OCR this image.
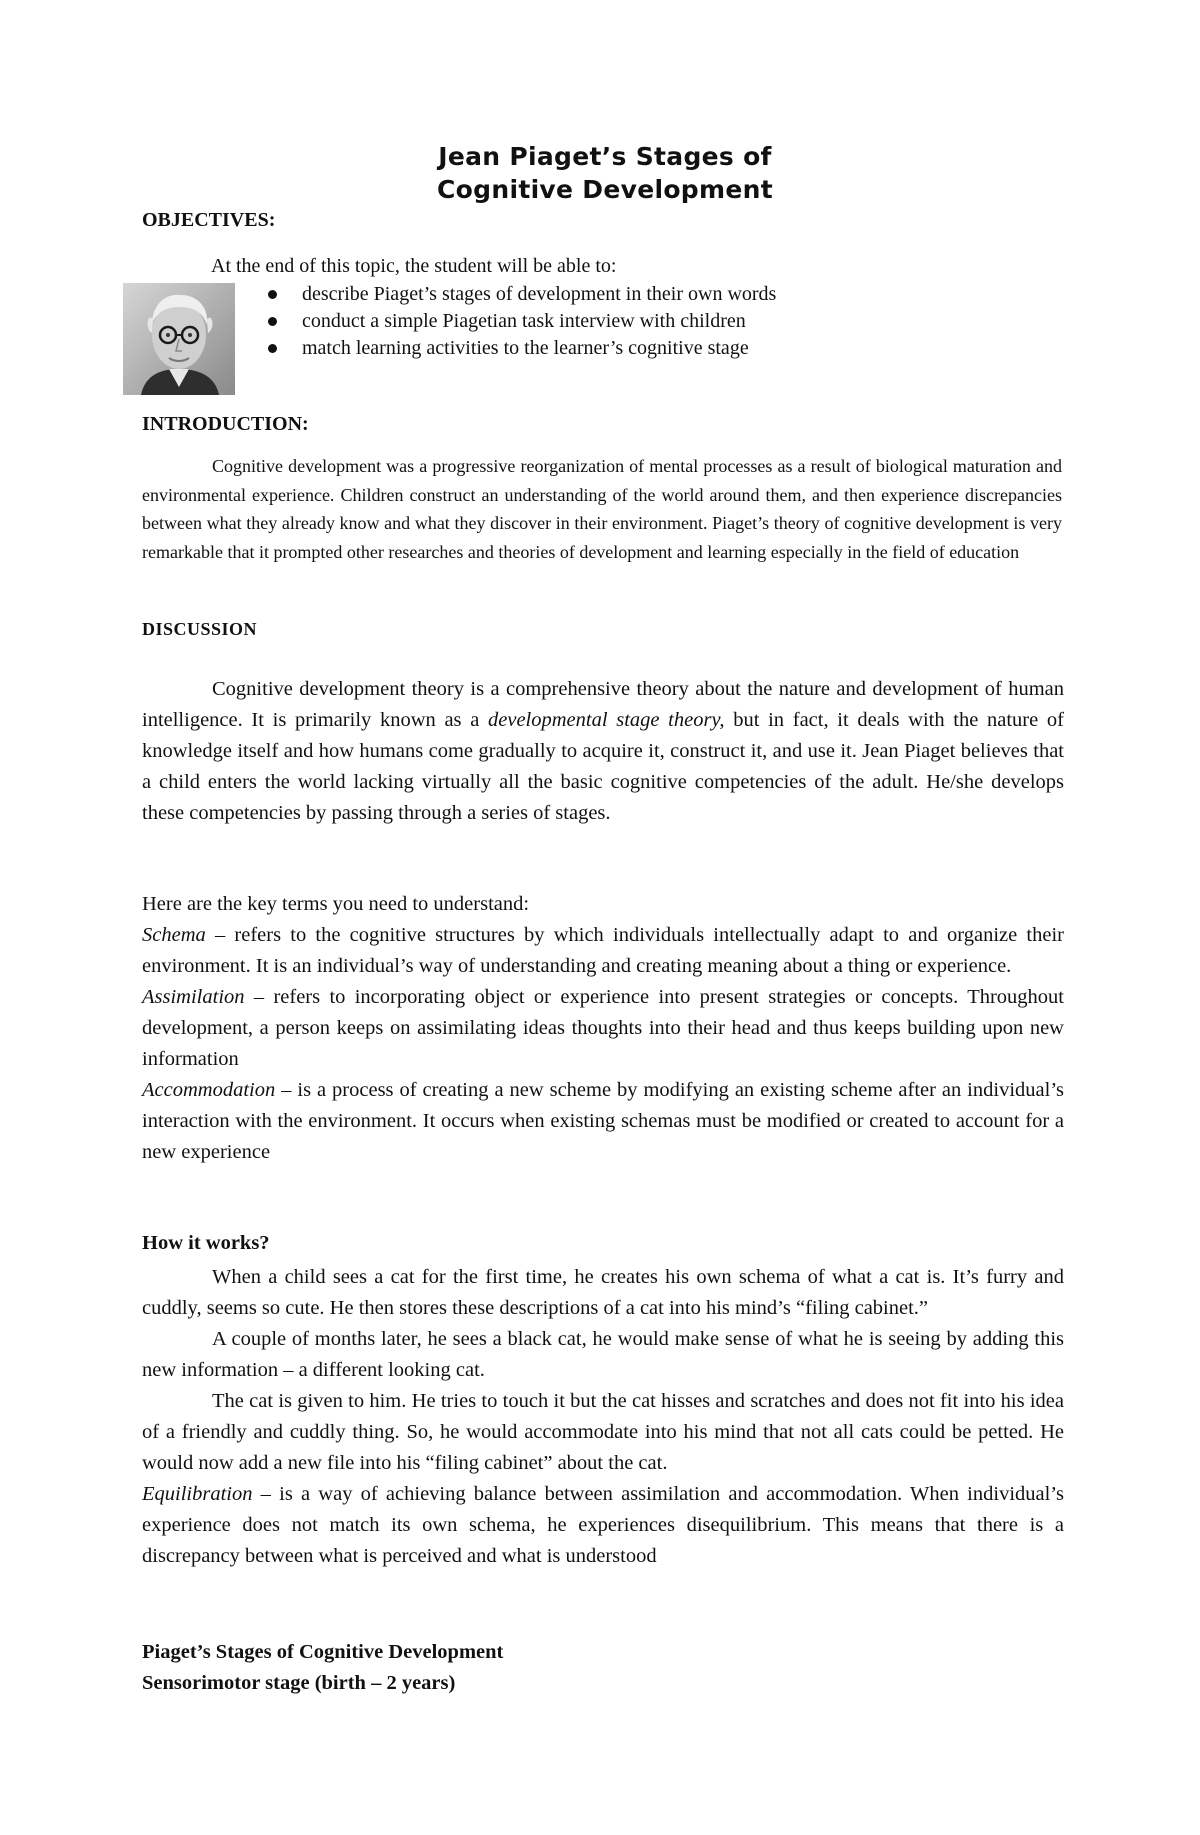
Jean Piaget’s Stages of
Cognitive Development
OBJECTIVES:
At the end of this topic, the student will be able to:
describe Piaget’s stages of development in their own words
conduct a simple Piagetian task interview with children
match learning activities to the learner’s cognitive stage
INTRODUCTION:

Cognitive development was a progressive reorganization of mental processes as a result of biological maturation and environmental experience. Children construct an understanding of the world around them, and then experience discrepancies between what they already know and what they discover in their environment. Piaget’s theory of cognitive development is very remarkable that it prompted other researches and theories of development and learning especially in the field of education

DISCUSSION

Cognitive development theory is a comprehensive theory about the nature and development of human intelligence. It is primarily known as a developmental stage theory, but in fact, it deals with the nature of knowledge itself and how humans come gradually to acquire it, construct it, and use it. Jean Piaget believes that a child enters the world lacking virtually all the basic cognitive competencies of the adult. He/she develops these competencies by passing through a series of stages.

Here are the key terms you need to understand:

Schema – refers to the cognitive structures by which individuals intellectually adapt to and organize their environment. It is an individual’s way of understanding and creating meaning about a thing or experience.

Assimilation – refers to incorporating object or experience into present strategies or concepts. Throughout development, a person keeps on assimilating ideas thoughts into their head and thus keeps building upon new information

Accommodation – is a process of creating a new scheme by modifying an existing scheme after an individual’s interaction with the environment. It occurs when existing schemas must be modified or created to account for a new experience

How it works?

When a child sees a cat for the first time, he creates his own schema of what a cat is. It’s furry and cuddly, seems so cute. He then stores these descriptions of a cat into his mind’s “filing cabinet.”

A couple of months later, he sees a black cat, he would make sense of what he is seeing by adding this new information – a different looking cat.

The cat is given to him. He tries to touch it but the cat hisses and scratches and does not fit into his idea of a friendly and cuddly thing. So, he would accommodate into his mind that not all cats could be petted. He would now add a new file into his “filing cabinet” about the cat.

Equilibration – is a way of achieving balance between assimilation and accommodation. When individual’s experience does not match its own schema, he experiences disequilibrium. This means that there is a discrepancy between what is perceived and what is understood

Piaget’s Stages of Cognitive Development
Sensorimotor stage (birth – 2 years)
